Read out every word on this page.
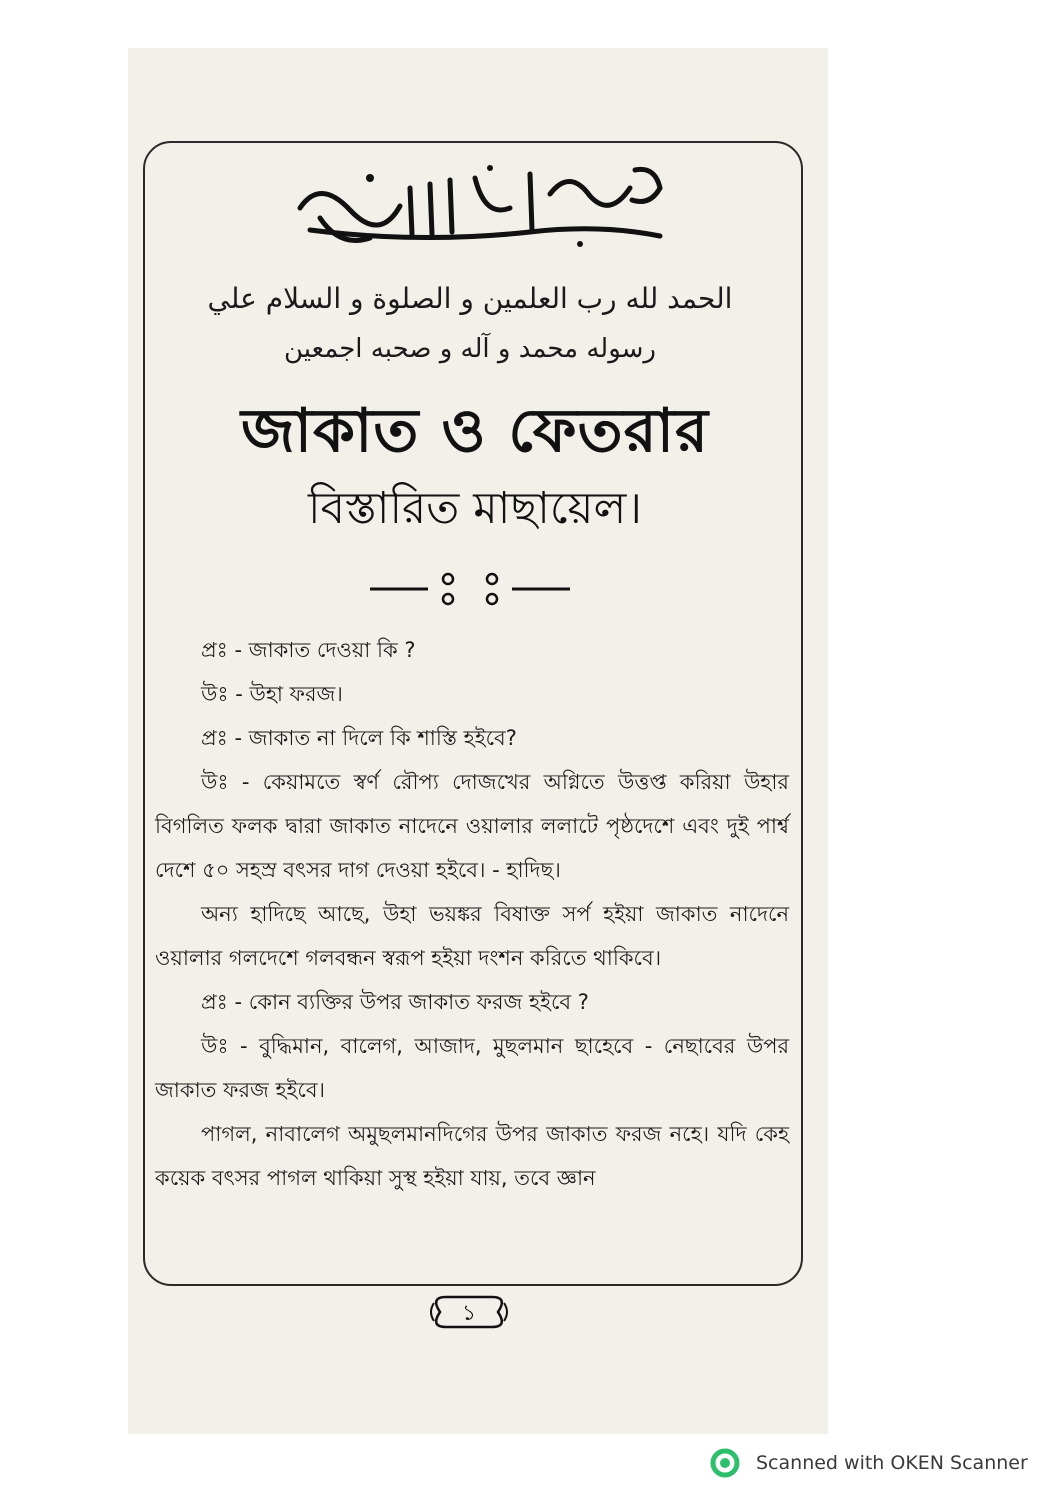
الحمد لله رب العلمين و الصلوة و السلام علي
رسوله محمد و آله و صحبه اجمعين
জাকাত ও ফেতরার
বিস্তারিত মাছায়েল।
—ঃ ঃ—

প্রঃ - জাকাত দেওয়া কি ?

উঃ - উহা ফরজ।

প্রঃ - জাকাত না দিলে কি শাস্তি হইবে?

উঃ - কেয়ামতে স্বর্ণ রৌপ্য দোজখের অগ্নিতে উত্তপ্ত করিয়া উহার বিগলিত ফলক দ্বারা জাকাত নাদেনে ওয়ালার ললাটে পৃষ্ঠদেশে এবং দুই পার্শ্ব দেশে ৫০ সহস্র বৎসর দাগ দেওয়া হইবে। - হাদিছ।

অন্য হাদিছে আছে, উহা ভয়ঙ্কর বিষাক্ত সর্প হইয়া জাকাত নাদেনে ওয়ালার গলদেশে গলবন্ধন স্বরূপ হইয়া দংশন করিতে থাকিবে।

প্রঃ - কোন ব্যক্তির উপর জাকাত ফরজ হইবে ?

উঃ - বুদ্ধিমান, বালেগ, আজাদ, মুছলমান ছাহেবে - নেছাবের উপর জাকাত ফরজ হইবে।

পাগল, নাবালেগ অমুছলমানদিগের উপর জাকাত ফরজ নহে। যদি কেহ কয়েক বৎসর পাগল থাকিয়া সুস্থ হইয়া যায়, তবে জ্ঞান

১
Scanned with OKEN Scanner
